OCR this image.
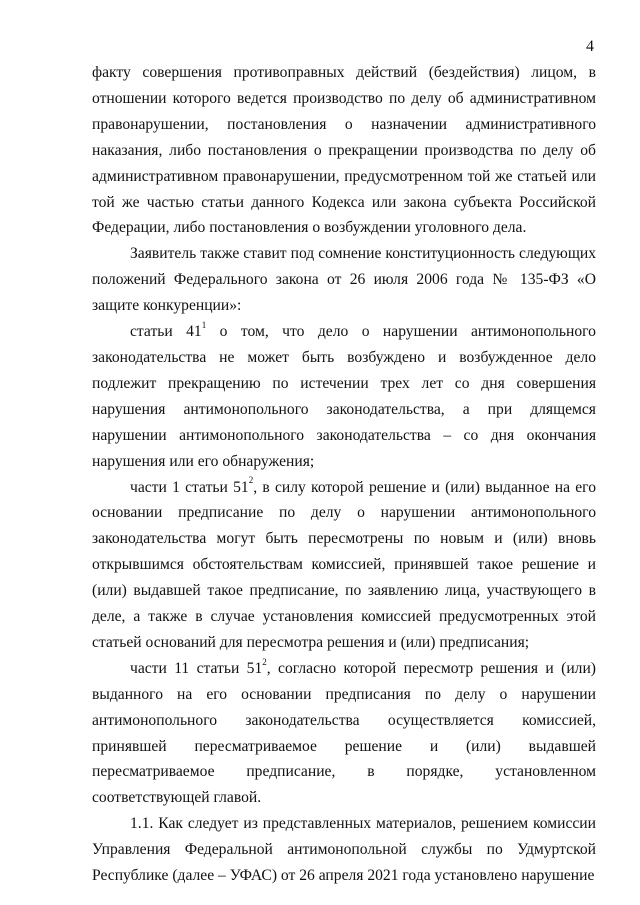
4

факту совершения противоправных действий (бездействия) лицом, в отношении которого ведется производство по делу об административном правонарушении, постановления о назначении административного наказания, либо постановления о прекращении производства по делу об административном правонарушении, предусмотренном той же статьей или той же частью статьи данного Кодекса или закона субъекта Российской Федерации, либо постановления о возбуждении уголовного дела.

Заявитель также ставит под сомнение конституционность следующих положений Федерального закона от 26 июля 2006 года № 135-ФЗ «О защите конкуренции»:

статьи $41^1$ о том, что дело о нарушении антимонопольного законодательства не может быть возбуждено и возбужденное дело подлежит прекращению по истечении трех лет со дня совершения нарушения антимонопольного законодательства, а при длящемся нарушении антимонопольного законодательства – со дня окончания нарушения или его обнаружения;

части 1 статьи $51^2$, в силу которой решение и (или) выданное на его основании предписание по делу о нарушении антимонопольного законодательства могут быть пересмотрены по новым и (или) вновь открывшимся обстоятельствам комиссией, принявшей такое решение и (или) выдавшей такое предписание, по заявлению лица, участвующего в деле, а также в случае установления комиссией предусмотренных этой статьей оснований для пересмотра решения и (или) предписания;

части 11 статьи $51^2$, согласно которой пересмотр решения и (или) выданного на его основании предписания по делу о нарушении антимонопольного законодательства осуществляется комиссией, принявшей пересматриваемое решение и (или) выдавшей пересматриваемое предписание, в порядке, установленном соответствующей главой.

1.1. Как следует из представленных материалов, решением комиссии Управления Федеральной антимонопольной службы по Удмуртской Республике (далее – УФАС) от 26 апреля 2021 года установлено нарушение
